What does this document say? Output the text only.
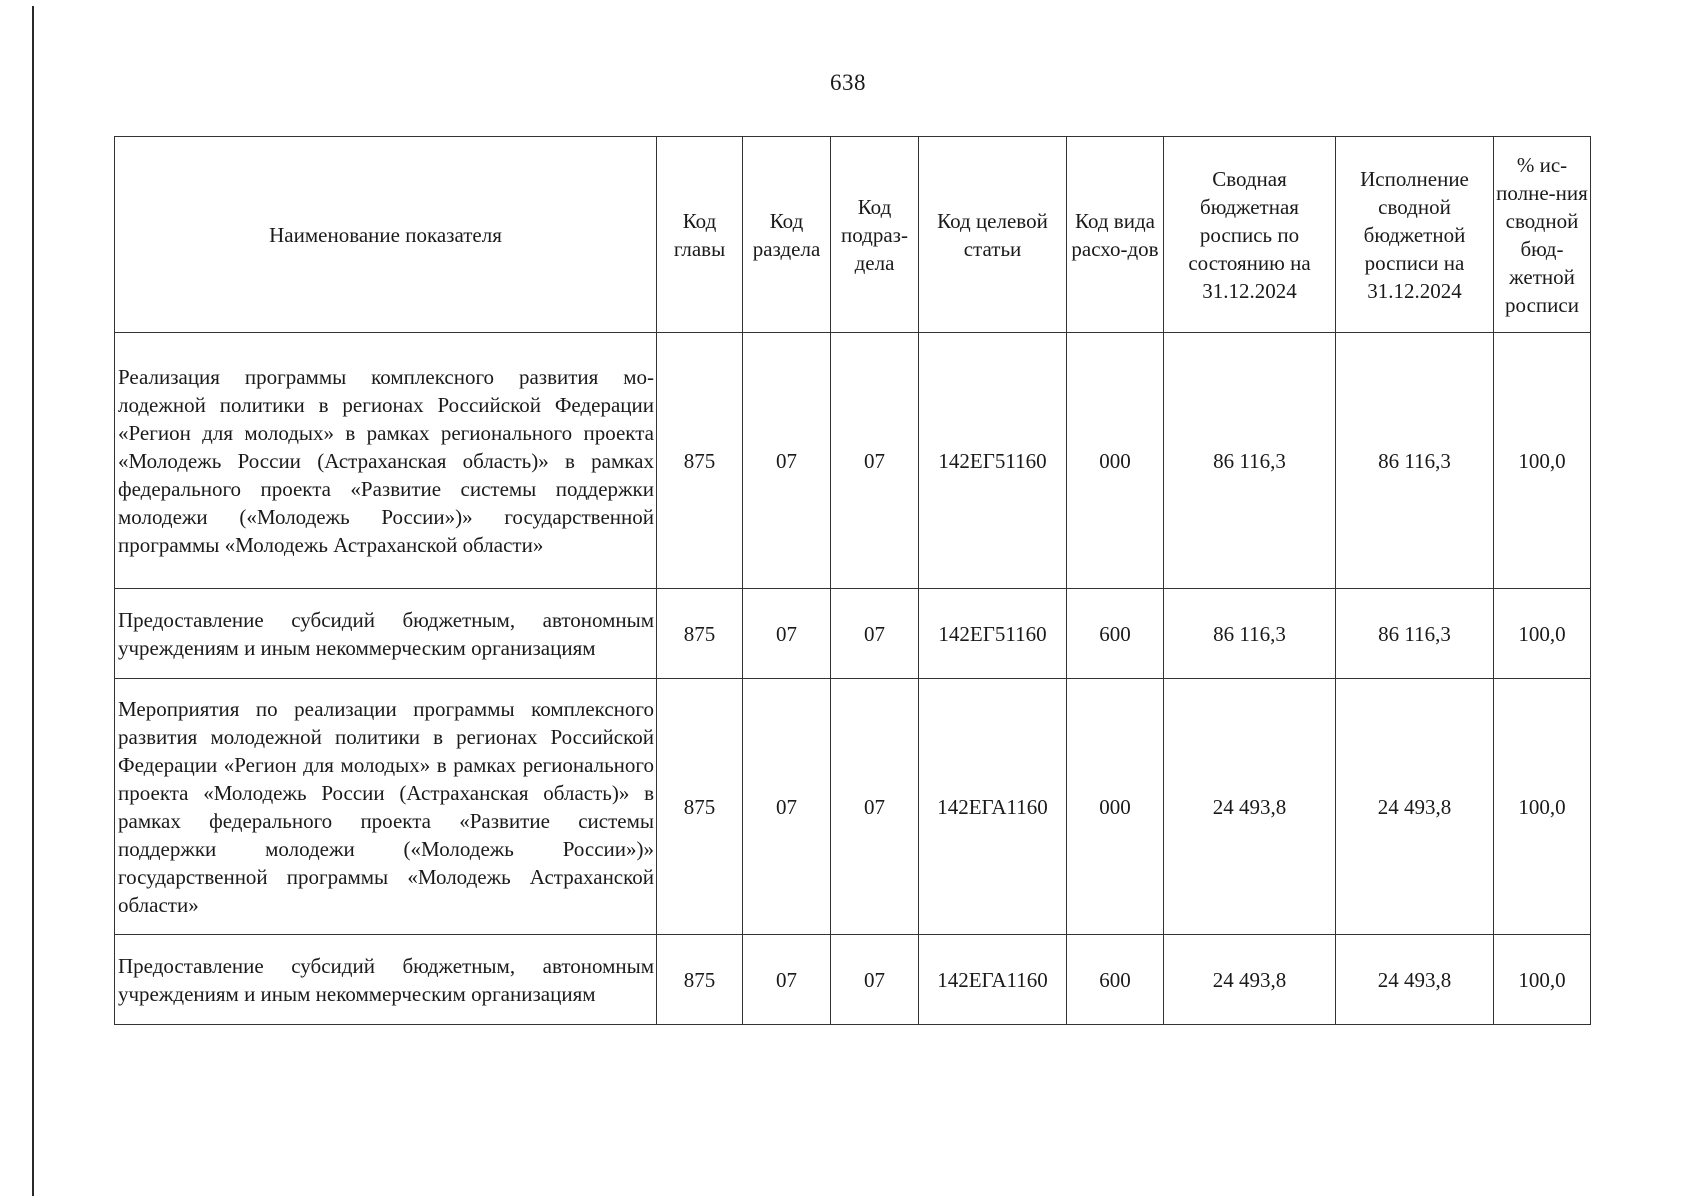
638
Наименование показателя	Код главы	Код раздела	Код подраз-дела	Код целевой статьи	Код вида расхо-дов	Сводная бюджетная роспись по состоянию на 31.12.2024	Исполнение сводной бюджетной росписи на 31.12.2024	% ис-полне-ния сводной бюд-жетной росписи
Реализация программы комплексного развития молодежной политики в регионах Российской Федерации «Регион для молодых» в рамках регионального проекта «Молодежь России (Астраханская область)» в рамках федерального проекта «Развитие системы поддержки молодежи («Молодежь России»)» государственной программы «Молодежь Астраханской области»	875	07	07	142ЕГ51160	000	86 116,3	86 116,3	100,0
Предоставление субсидий бюджетным, автономным учреждениям и иным некоммерческим организациям	875	07	07	142ЕГ51160	600	86 116,3	86 116,3	100,0
Мероприятия по реализации программы комплексного развития молодежной политики в регионах Российской Федерации «Регион для молодых» в рамках регионального проекта «Молодежь России (Астраханская область)» в рамках федерального проекта «Развитие системы поддержки молодежи («Молодежь России»)» государственной программы «Молодежь Астраханской области»	875	07	07	142ЕГА1160	000	24 493,8	24 493,8	100,0
Предоставление субсидий бюджетным, автономным учреждениям и иным некоммерческим организациям	875	07	07	142ЕГА1160	600	24 493,8	24 493,8	100,0
